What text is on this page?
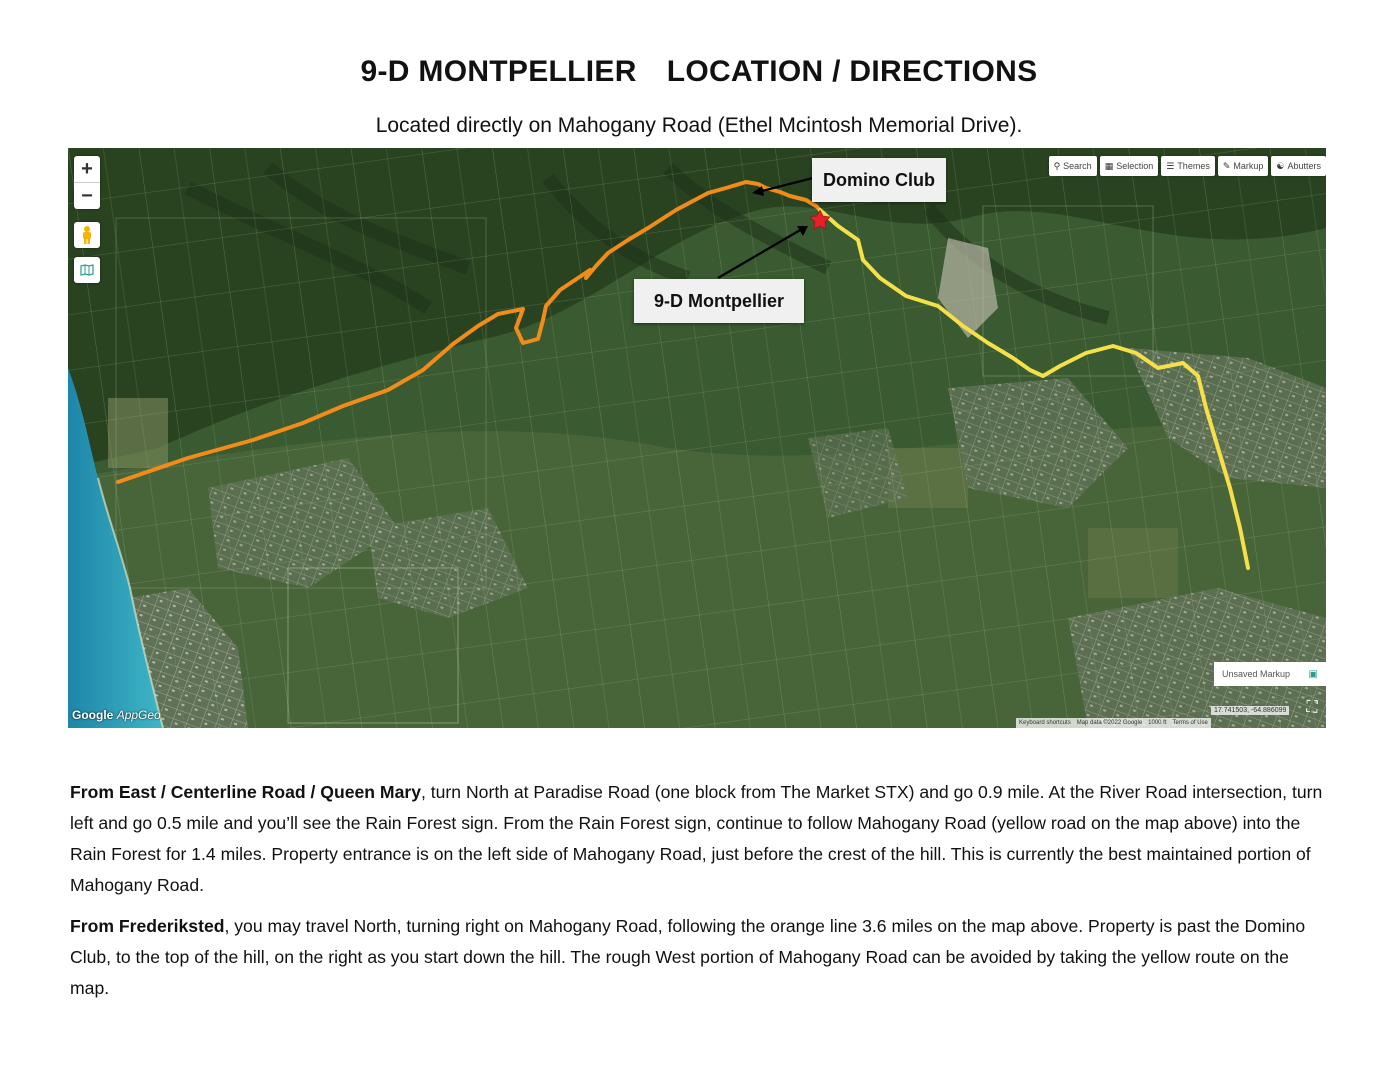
9-D MONTPELLIER LOCATION / DIRECTIONS
Located directly on Mahogany Road (Ethel Mcintosh Memorial Drive).
+
−
⚲ Search ▦ Selection ☰ Themes ✎ Markup ☯ Abutters
Domino Club
9-D Montpellier
Unsaved Markup ▣
17.741503, -64.886099	⛶
Google AppGeo
Keyboard shortcuts Map data ©2022 Google 1000 ft Terms of Use

From East / Centerline Road / Queen Mary, turn North at Paradise Road (one block from The Market STX) and go 0.9 mile. At the River Road intersection, turn left and go 0.5 mile and you’ll see the Rain Forest sign. From the Rain Forest sign, continue to follow Mahogany Road (yellow road on the map above) into the Rain Forest for 1.4 miles. Property entrance is on the left side of Mahogany Road, just before the crest of the hill. This is currently the best maintained portion of Mahogany Road.

From Frederiksted, you may travel North, turning right on Mahogany Road, following the orange line 3.6 miles on the map above. Property is past the Domino Club, to the top of the hill, on the right as you start down the hill. The rough West portion of Mahogany Road can be avoided by taking the yellow route on the map.
